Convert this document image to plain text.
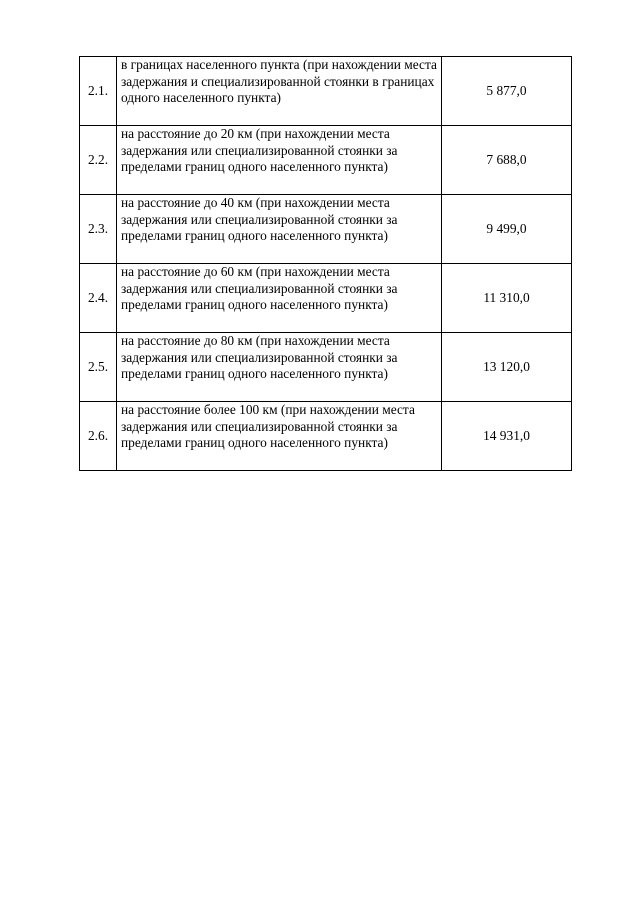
2.1.	в границах населенного пункта (при нахождении места задержания и специализированной стоянки в границах одного населенного пункта)	5 877,0
2.2.	на расстояние до 20 км (при нахождении места задержания или специализированной стоянки за пределами границ одного населенного пункта)	7 688,0
2.3.	на расстояние до 40 км (при нахождении места задержания или специализированной стоянки за пределами границ одного населенного пункта)	9 499,0
2.4.	на расстояние до 60 км (при нахождении места задержания или специализированной стоянки за пределами границ одного населенного пункта)	11 310,0
2.5.	на расстояние до 80 км (при нахождении места задержания или специализированной стоянки за пределами границ одного населенного пункта)	13 120,0
2.6.	на расстояние более 100 км (при нахождении места задержания или специализированной стоянки за пределами границ одного населенного пункта)	14 931,0
